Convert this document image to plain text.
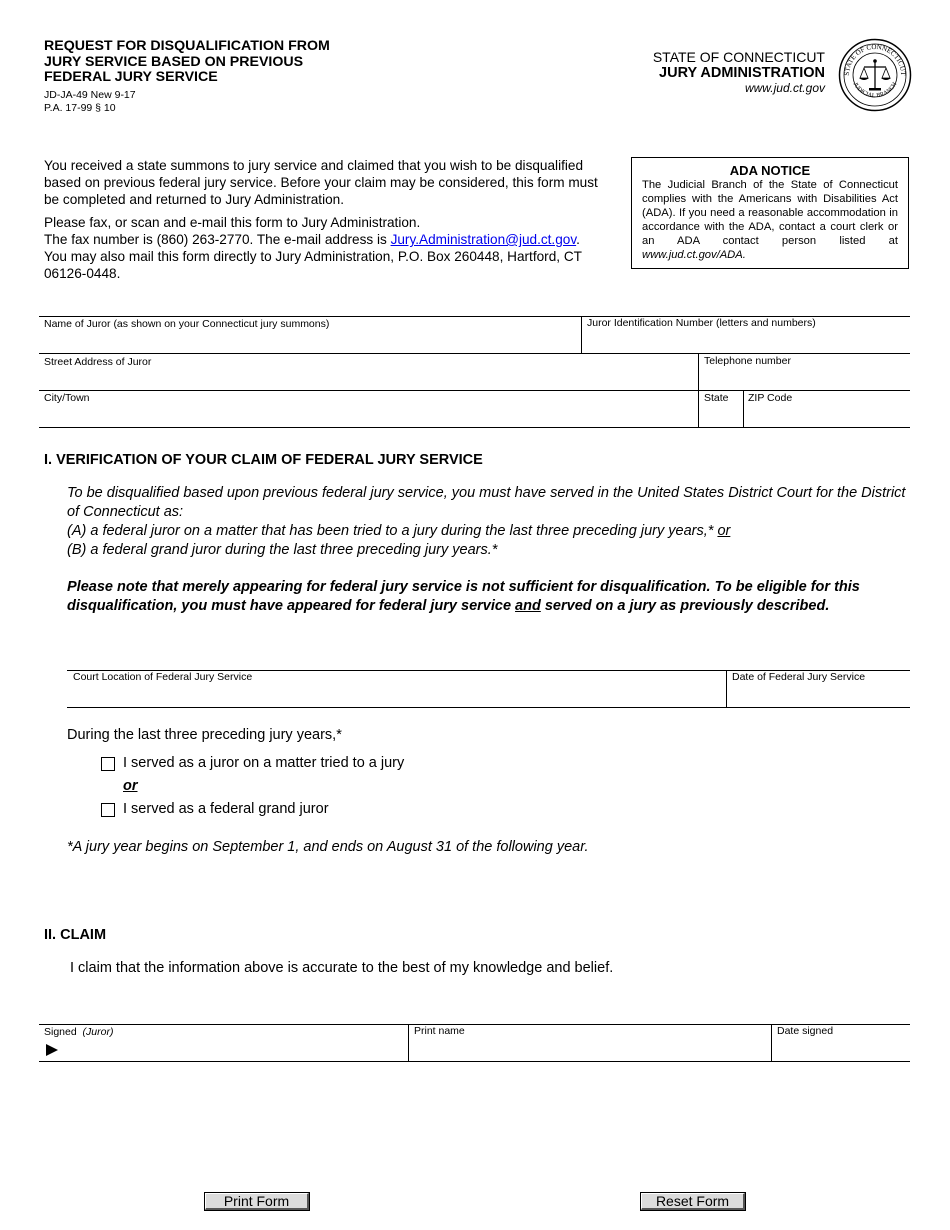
REQUEST FOR DISQUALIFICATION FROM
JURY SERVICE BASED ON PREVIOUS
FEDERAL JURY SERVICE
JD-JA-49 New 9-17
P.A. 17-99 § 10
STATE OF CONNECTICUT
JURY ADMINISTRATION
www.jud.ct.gov
STATE OF CONNECTICUT
JUDICIAL BRANCH

You received a state summons to jury service and claimed that you wish to be disqualified based on previous federal jury service. Before your claim may be considered, this form must be completed and returned to Jury Administration.

Please fax, or scan and e-mail this form to Jury Administration.
The fax number is (860) 263-2770. The e-mail address is Jury.Administration@jud.ct.gov.
You may also mail this form directly to Jury Administration, P.O. Box 260448, Hartford, CT 06126-0448.
ADA NOTICE
The Judicial Branch of the State of Connecticut complies with the Americans with Disabilities Act (ADA). If you need a reasonable accommodation in accordance with the ADA, contact a court clerk or an ADA contact person listed at www.jud.ct.gov/ADA.
Name of Juror (as shown on your Connecticut jury summons)	Juror Identification Number (letters and numbers)
Street Address of Juror	Telephone number
City/Town	State ZIP Code
I. VERIFICATION OF YOUR CLAIM OF FEDERAL JURY SERVICE

To be disqualified based upon previous federal jury service, you must have served in the United States District Court for the District of Connecticut as:
(A) a federal juror on a matter that has been tried to a jury during the last three preceding jury years,* or
(B) a federal grand juror during the last three preceding jury years.*

Please note that merely appearing for federal jury service is not sufficient for disqualification. To be eligible for this disqualification, you must have appeared for federal jury service and served on a jury as previously described.

Court Location of Federal Jury Service	Date of Federal Jury Service
During the last three preceding jury years,*
I served as a juror on a matter tried to a jury
or
I served as a federal grand juror
*A jury year begins on September 1, and ends on August 31 of the following year.
II. CLAIM
I claim that the information above is accurate to the best of my knowledge and belief.
Signed (Juror)	Print name	Date signed
Print Form	Reset Form
